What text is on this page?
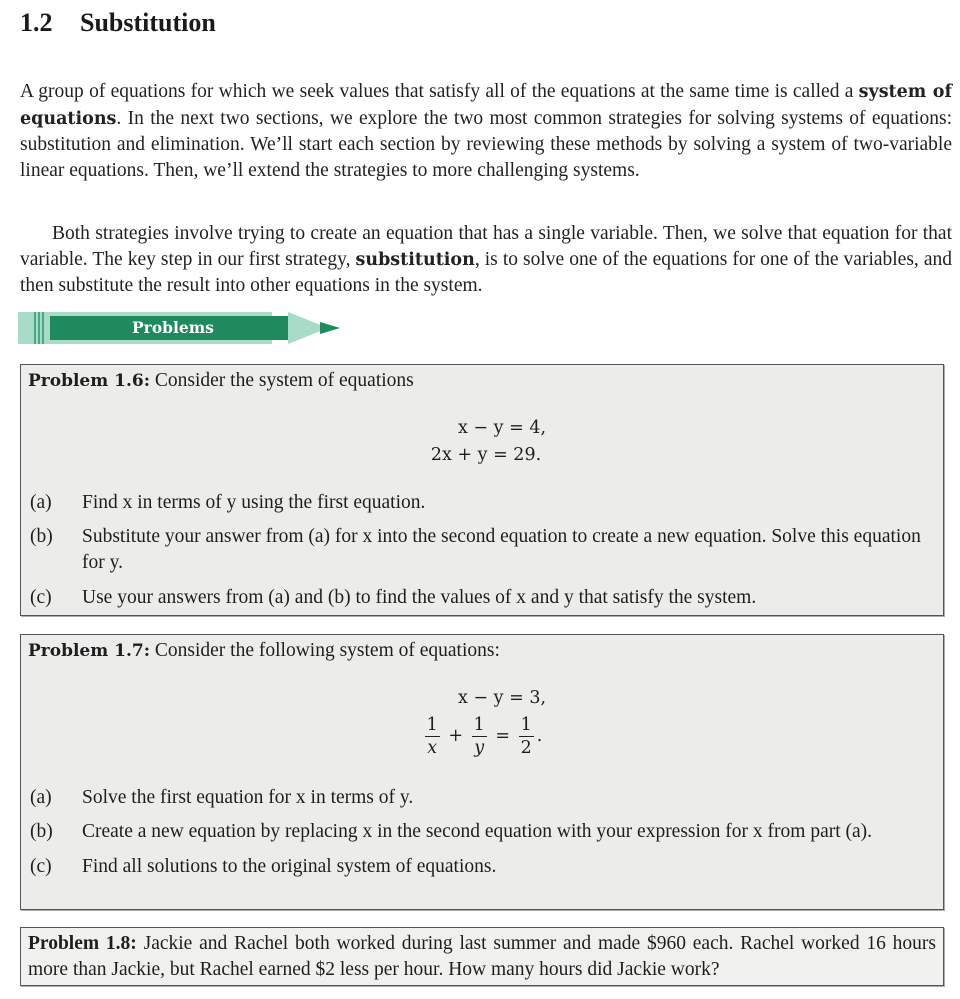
1.2 Substitution

A group of equations for which we seek values that satisfy all of the equations at the same time is called a system of equations. In the next two sections, we explore the two most common strategies for solving systems of equations: substitution and elimination. We’ll start each section by reviewing these methods by solving a system of two-variable linear equations. Then, we’ll extend the strategies to more challenging systems.

Both strategies involve trying to create an equation that has a single variable. Then, we solve that equation for that variable. The key step in our first strategy, substitution, is to solve one of the equations for one of the variables, and then substitute the result into other equations in the system.

Problems
Problem 1.6: Consider the system of equations
x − y = 4,
2x + y = 29.
(a) Find x in terms of y using the first equation.
(b) Substitute your answer from (a) for x into the second equation to create a new equation. Solve this equation for y.
(c) Use your answers from (a) and (b) to find the values of x and y that satisfy the system.
Problem 1.7: Consider the following system of equations:
x − y = 3,
$\frac{1}{x} + \frac{1}{y} = \frac{1}{2}$ .
(a) Solve the first equation for x in terms of y.
(b) Create a new equation by replacing x in the second equation with your expression for x from part (a).
(c) Find all solutions to the original system of equations.
Problem 1.8: Jackie and Rachel both worked during last summer and made $960 each. Rachel worked 16 hours more than Jackie, but Rachel earned $2 less per hour. How many hours did Jackie work?
